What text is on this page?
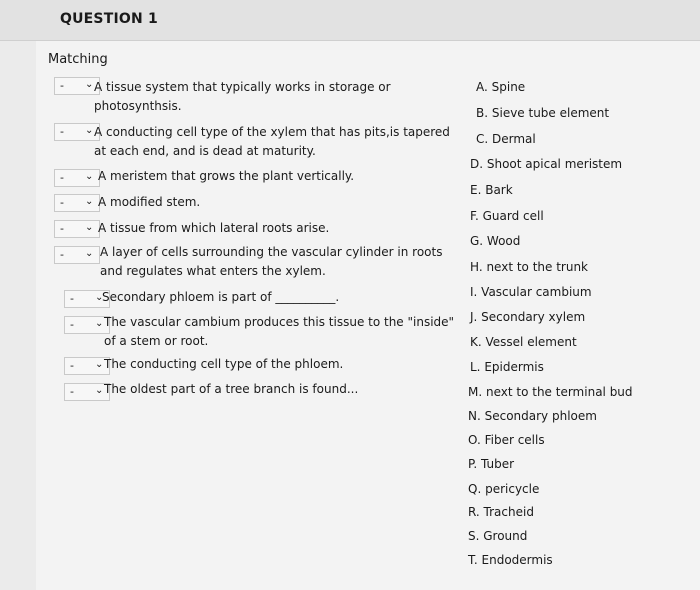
QUESTION 1
Matching
- ⌄ A tissue system that typically works in storage or
photosynthsis.
- ⌄ A conducting cell type of the xylem that has pits,is tapered
at each end, and is dead at maturity.
- ⌄ A meristem that grows the plant vertically.
- ⌄ A modified stem.
- ⌄ A tissue from which lateral roots arise.
- ⌄ A layer of cells surrounding the vascular cylinder in roots
and regulates what enters the xylem.
- ⌄
Secondary phloem is part of __________.
- ⌄ The vascular cambium produces this tissue to the "inside"
of a stem or root.
- ⌄ The conducting cell type of the phloem.
- ⌄ The oldest part of a tree branch is found...
A. Spine
B. Sieve tube element
C. Dermal
D. Shoot apical meristem
E. Bark
F. Guard cell
G. Wood
H. next to the trunk
I. Vascular cambium
J. Secondary xylem
K. Vessel element
L. Epidermis
M. next to the terminal bud
N. Secondary phloem
O. Fiber cells
P. Tuber
Q. pericycle
R. Tracheid
S. Ground
T. Endodermis
